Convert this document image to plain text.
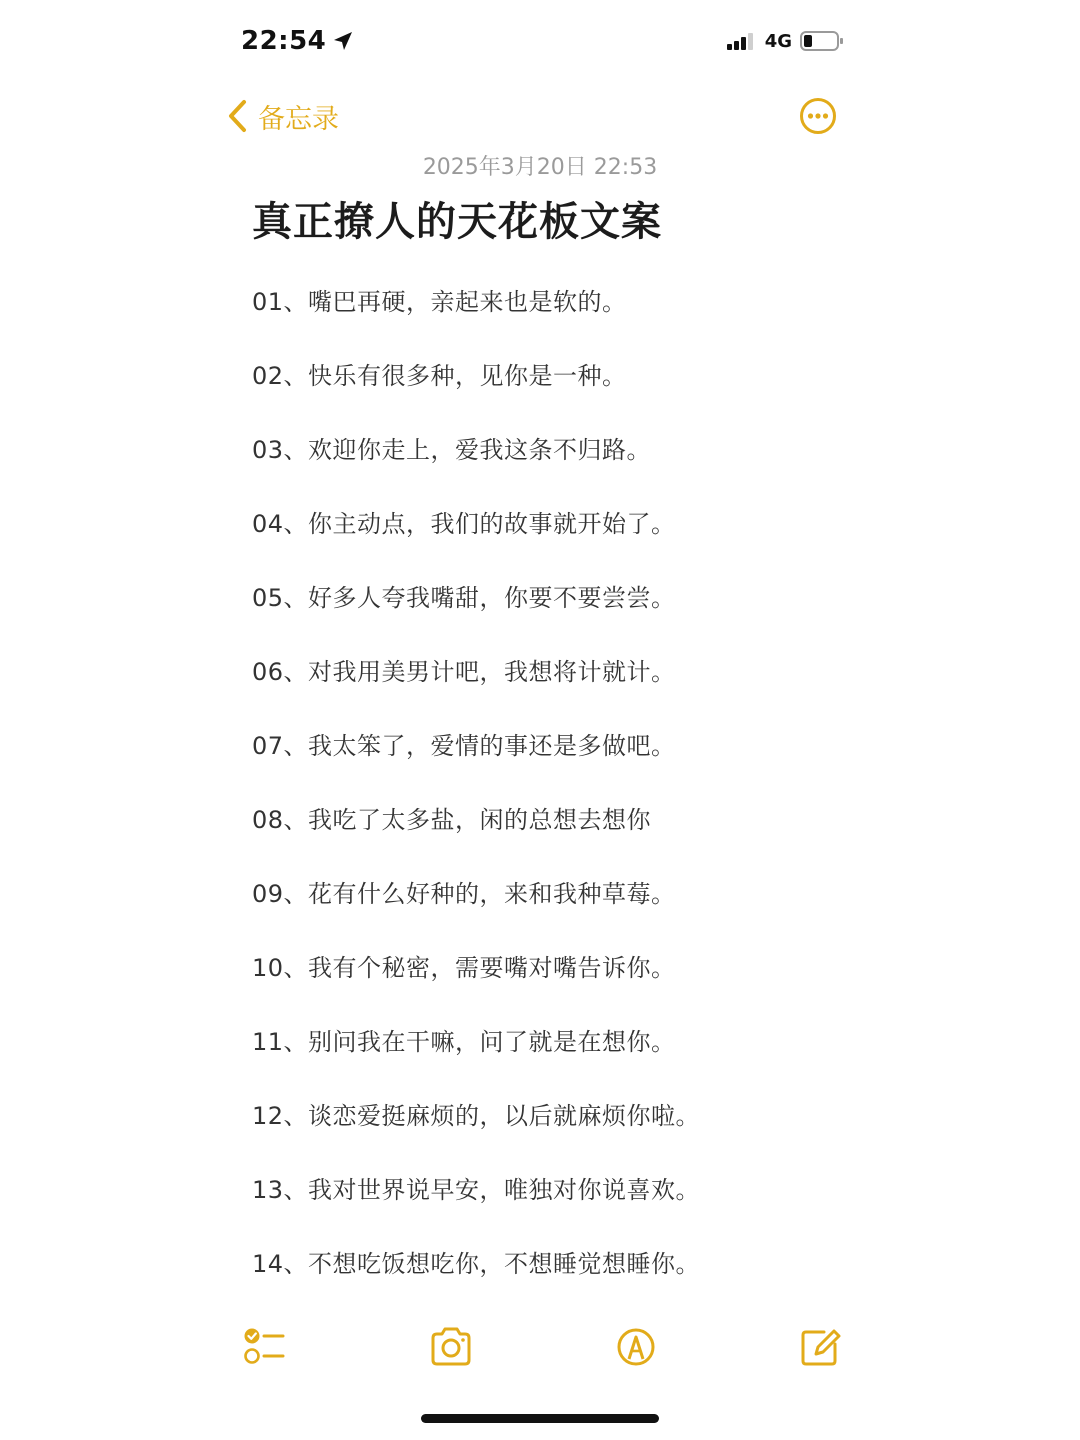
22:54	4G
备忘录
2025年3月20日 22:53
真正撩人的天花板文案
01、嘴巴再硬，亲起来也是软的。
02、快乐有很多种，见你是一种。
03、欢迎你走上，爱我这条不归路。
04、你主动点，我们的故事就开始了。
05、好多人夸我嘴甜，你要不要尝尝。
06、对我用美男计吧，我想将计就计。
07、我太笨了，爱情的事还是多做吧。
08、我吃了太多盐，闲的总想去想你
09、花有什么好种的，来和我种草莓。
10、我有个秘密，需要嘴对嘴告诉你。
11、别问我在干嘛，问了就是在想你。
12、谈恋爱挺麻烦的，以后就麻烦你啦。
13、我对世界说早安，唯独对你说喜欢。
14、不想吃饭想吃你，不想睡觉想睡你。
